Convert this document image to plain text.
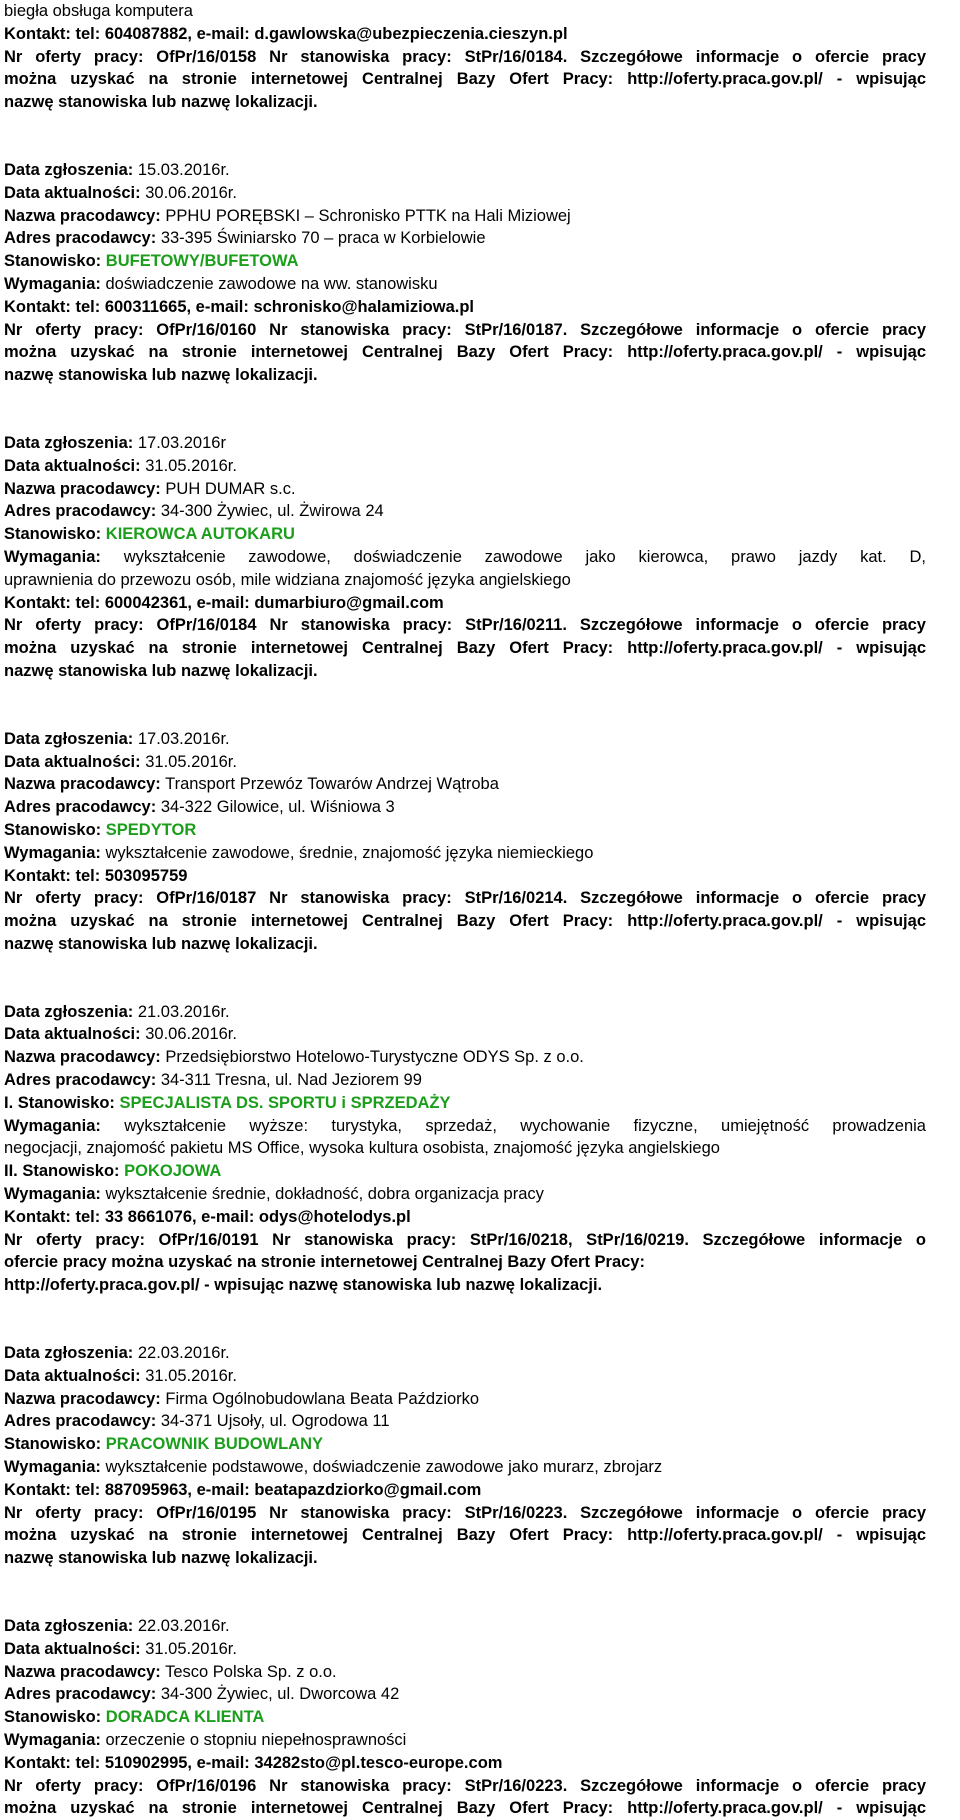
biegła obsługa komputera
Kontakt: tel: 604087882, e-mail: d.gawlowska@ubezpieczenia.cieszyn.pl
Nr oferty pracy: OfPr/16/0158 Nr stanowiska pracy: StPr/16/0184. Szczegółowe informacje o ofercie pracy
można uzyskać na stronie internetowej Centralnej Bazy Ofert Pracy: http://oferty.praca.gov.pl/ - wpisując
nazwę stanowiska lub nazwę lokalizacji.
Data zgłoszenia: 15.03.2016r.
Data aktualności: 30.06.2016r.
Nazwa pracodawcy: PPHU PORĘBSKI – Schronisko PTTK na Hali Miziowej
Adres pracodawcy: 33-395 Świniarsko 70 – praca w Korbielowie
Stanowisko: BUFETOWY/BUFETOWA
Wymagania: doświadczenie zawodowe na ww. stanowisku
Kontakt: tel: 600311665, e-mail: schronisko@halamiziowa.pl
Nr oferty pracy: OfPr/16/0160 Nr stanowiska pracy: StPr/16/0187. Szczegółowe informacje o ofercie pracy
można uzyskać na stronie internetowej Centralnej Bazy Ofert Pracy: http://oferty.praca.gov.pl/ - wpisując
nazwę stanowiska lub nazwę lokalizacji.
Data zgłoszenia: 17.03.2016r
Data aktualności: 31.05.2016r.
Nazwa pracodawcy: PUH DUMAR s.c.
Adres pracodawcy: 34-300 Żywiec, ul. Żwirowa 24
Stanowisko: KIEROWCA AUTOKARU
Wymagania: wykształcenie zawodowe, doświadczenie zawodowe jako kierowca, prawo jazdy kat. D,
uprawnienia do przewozu osób, mile widziana znajomość języka angielskiego
Kontakt: tel: 600042361, e-mail: dumarbiuro@gmail.com
Nr oferty pracy: OfPr/16/0184 Nr stanowiska pracy: StPr/16/0211. Szczegółowe informacje o ofercie pracy
można uzyskać na stronie internetowej Centralnej Bazy Ofert Pracy: http://oferty.praca.gov.pl/ - wpisując
nazwę stanowiska lub nazwę lokalizacji.
Data zgłoszenia: 17.03.2016r.
Data aktualności: 31.05.2016r.
Nazwa pracodawcy: Transport Przewóz Towarów Andrzej Wątroba
Adres pracodawcy: 34-322 Gilowice, ul. Wiśniowa 3
Stanowisko: SPEDYTOR
Wymagania: wykształcenie zawodowe, średnie, znajomość języka niemieckiego
Kontakt: tel: 503095759
Nr oferty pracy: OfPr/16/0187 Nr stanowiska pracy: StPr/16/0214. Szczegółowe informacje o ofercie pracy
można uzyskać na stronie internetowej Centralnej Bazy Ofert Pracy: http://oferty.praca.gov.pl/ - wpisując
nazwę stanowiska lub nazwę lokalizacji.
Data zgłoszenia: 21.03.2016r.
Data aktualności: 30.06.2016r.
Nazwa pracodawcy: Przedsiębiorstwo Hotelowo-Turystyczne ODYS Sp. z o.o.
Adres pracodawcy: 34-311 Tresna, ul. Nad Jeziorem 99
I. Stanowisko: SPECJALISTA DS. SPORTU i SPRZEDAŻY
Wymagania: wykształcenie wyższe: turystyka, sprzedaż, wychowanie fizyczne, umiejętność prowadzenia
negocjacji, znajomość pakietu MS Office, wysoka kultura osobista, znajomość języka angielskiego
II. Stanowisko: POKOJOWA
Wymagania: wykształcenie średnie, dokładność, dobra organizacja pracy
Kontakt: tel: 33 8661076, e-mail: odys@hotelodys.pl
Nr oferty pracy: OfPr/16/0191 Nr stanowiska pracy: StPr/16/0218, StPr/16/0219. Szczegółowe informacje o
ofercie pracy można uzyskać na stronie internetowej Centralnej Bazy Ofert Pracy:
http://oferty.praca.gov.pl/ - wpisując nazwę stanowiska lub nazwę lokalizacji.
Data zgłoszenia: 22.03.2016r.
Data aktualności: 31.05.2016r.
Nazwa pracodawcy: Firma Ogólnobudowlana Beata Paździorko
Adres pracodawcy: 34-371 Ujsoły, ul. Ogrodowa 11
Stanowisko: PRACOWNIK BUDOWLANY
Wymagania: wykształcenie podstawowe, doświadczenie zawodowe jako murarz, zbrojarz
Kontakt: tel: 887095963, e-mail: beatapazdziorko@gmail.com
Nr oferty pracy: OfPr/16/0195 Nr stanowiska pracy: StPr/16/0223. Szczegółowe informacje o ofercie pracy
można uzyskać na stronie internetowej Centralnej Bazy Ofert Pracy: http://oferty.praca.gov.pl/ - wpisując
nazwę stanowiska lub nazwę lokalizacji.
Data zgłoszenia: 22.03.2016r.
Data aktualności: 31.05.2016r.
Nazwa pracodawcy: Tesco Polska Sp. z o.o.
Adres pracodawcy: 34-300 Żywiec, ul. Dworcowa 42
Stanowisko: DORADCA KLIENTA
Wymagania: orzeczenie o stopniu niepełnosprawności
Kontakt: tel: 510902995, e-mail: 34282sto@pl.tesco-europe.com
Nr oferty pracy: OfPr/16/0196 Nr stanowiska pracy: StPr/16/0223. Szczegółowe informacje o ofercie pracy
można uzyskać na stronie internetowej Centralnej Bazy Ofert Pracy: http://oferty.praca.gov.pl/ - wpisując
